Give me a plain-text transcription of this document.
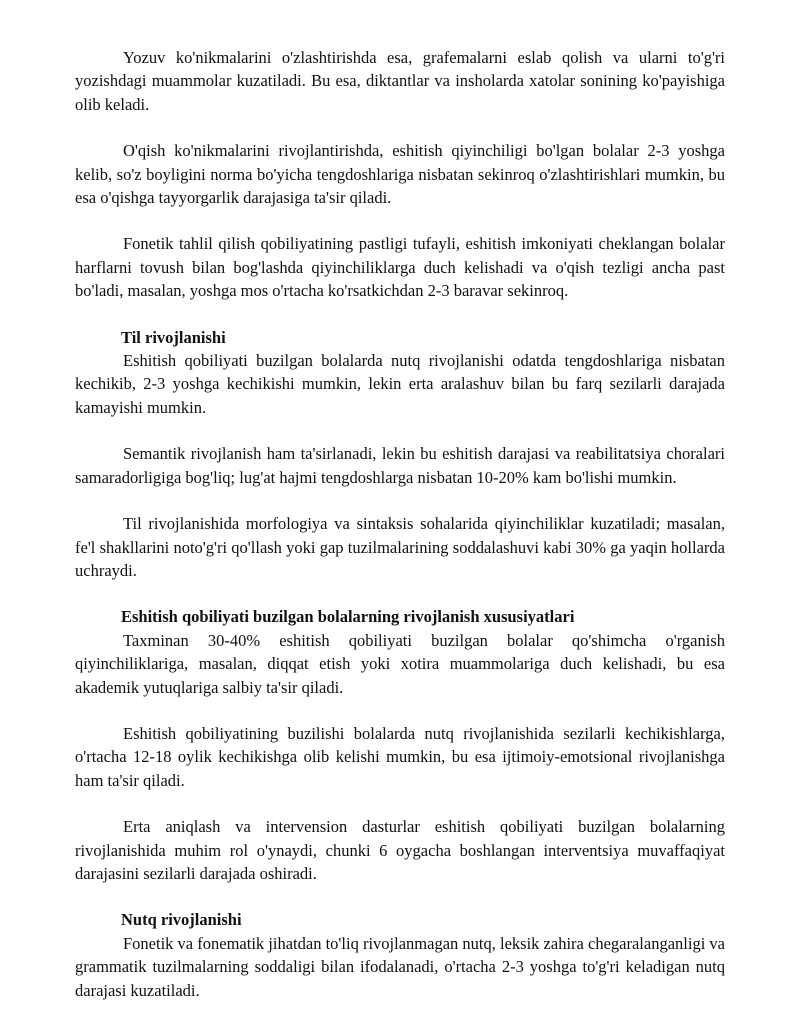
Yozuv ko'nikmalarini o'zlashtirishda esa, grafemalarni eslab qolish va ularni to'g'ri yozishdagi muammolar kuzatiladi. Bu esa, diktantlar va insholarda xatolar sonining ko'payishiga olib keladi.

O'qish ko'nikmalarini rivojlantirishda, eshitish qiyinchiligi bo'lgan bolalar 2-3 yoshga kelib, so'z boyligini norma bo'yicha tengdoshlariga nisbatan sekinroq o'zlashtirishlari mumkin, bu esa o'qishga tayyorgarlik darajasiga ta'sir qiladi.

Fonetik tahlil qilish qobiliyatining pastligi tufayli, eshitish imkoniyati cheklangan bolalar harflarni tovush bilan bog'lashda qiyinchiliklarga duch kelishadi va o'qish tezligi ancha past bo'ladi, masalan, yoshga mos o'rtacha ko'rsatkichdan 2-3 baravar sekinroq.

Til rivojlanishi

Eshitish qobiliyati buzilgan bolalarda nutq rivojlanishi odatda tengdoshlariga nisbatan kechikib, 2-3 yoshga kechikishi mumkin, lekin erta aralashuv bilan bu farq sezilarli darajada kamayishi mumkin.

Semantik rivojlanish ham ta'sirlanadi, lekin bu eshitish darajasi va reabilitatsiya choralari samaradorligiga bog'liq; lug'at hajmi tengdoshlarga nisbatan 10-20% kam bo'lishi mumkin.

Til rivojlanishida morfologiya va sintaksis sohalarida qiyinchiliklar kuzatiladi; masalan, fe'l shakllarini noto'g'ri qo'llash yoki gap tuzilmalarining soddalashuvi kabi 30% ga yaqin hollarda uchraydi.

Eshitish qobiliyati buzilgan bolalarning rivojlanish xususiyatlari

Taxminan 30-40% eshitish qobiliyati buzilgan bolalar qo'shimcha o'rganish qiyinchiliklariga, masalan, diqqat etish yoki xotira muammolariga duch kelishadi, bu esa akademik yutuqlariga salbiy ta'sir qiladi.

Eshitish qobiliyatining buzilishi bolalarda nutq rivojlanishida sezilarli kechikishlarga, o'rtacha 12-18 oylik kechikishga olib kelishi mumkin, bu esa ijtimoiy-emotsional rivojlanishga ham ta'sir qiladi.

Erta aniqlash va intervension dasturlar eshitish qobiliyati buzilgan bolalarning rivojlanishida muhim rol o'ynaydi, chunki 6 oygacha boshlangan interventsiya muvaffaqiyat darajasini sezilarli darajada oshiradi.

Nutq rivojlanishi

Fonetik va fonematik jihatdan to'liq rivojlanmagan nutq, leksik zahira chegaralanganligi va grammatik tuzilmalarning soddaligi bilan ifodalanadi, o'rtacha 2-3 yoshga to'g'ri keladigan nutq darajasi kuzatiladi.
